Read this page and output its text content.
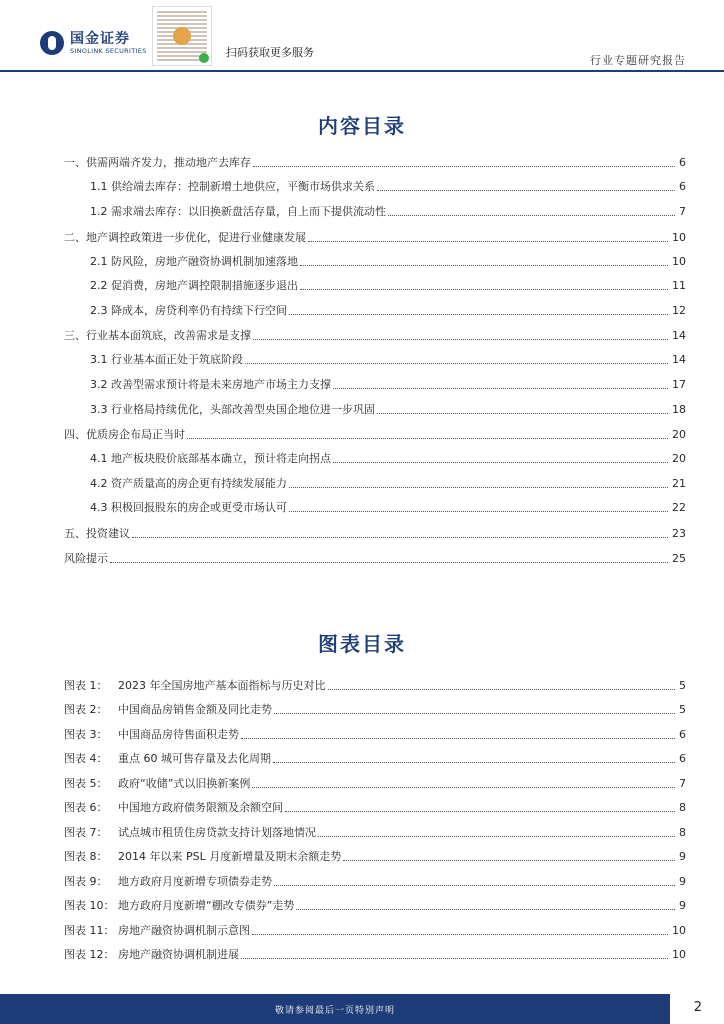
国金证券
SINOLINK SECURITIES	扫码获取更多服务
行业专题研究报告
内容目录
一、供需两端齐发力，推动地产去库存	6
1.1 供给端去库存：控制新增土地供应，平衡市场供求关系	6
1.2 需求端去库存：以旧换新盘活存量，自上而下提供流动性	7
二、地产调控政策进一步优化，促进行业健康发展	10
2.1 防风险，房地产融资协调机制加速落地	10
2.2 促消费，房地产调控限制措施逐步退出	11
2.3 降成本，房贷利率仍有持续下行空间	12
三、行业基本面筑底，改善需求是支撑	14
3.1 行业基本面正处于筑底阶段	14
3.2 改善型需求预计将是未来房地产市场主力支撑	17
3.3 行业格局持续优化，头部改善型央国企地位进一步巩固	18
四、优质房企布局正当时	20
4.1 地产板块股价底部基本确立，预计将走向拐点	20
4.2 资产质量高的房企更有持续发展能力	21
4.3 积极回报股东的房企或更受市场认可	22
五、投资建议	23
风险提示	25
图表目录
图表 1： 2023 年全国房地产基本面指标与历史对比	5
图表 2： 中国商品房销售金额及同比走势	5
图表 3： 中国商品房待售面积走势	6
图表 4： 重点 60 城可售存量及去化周期	6
图表 5： 政府“收储”式以旧换新案例	7
图表 6： 中国地方政府债务限额及余额空间	8
图表 7： 试点城市租赁住房贷款支持计划落地情况	8
图表 8： 2014 年以来 PSL 月度新增量及期末余额走势	9
图表 9： 地方政府月度新增专项债券走势	9
图表 10： 地方政府月度新增“棚改专债券”走势	9
图表 11： 房地产融资协调机制示意图	10
图表 12： 房地产融资协调机制进展	10
敬请参阅最后一页特别声明	2
